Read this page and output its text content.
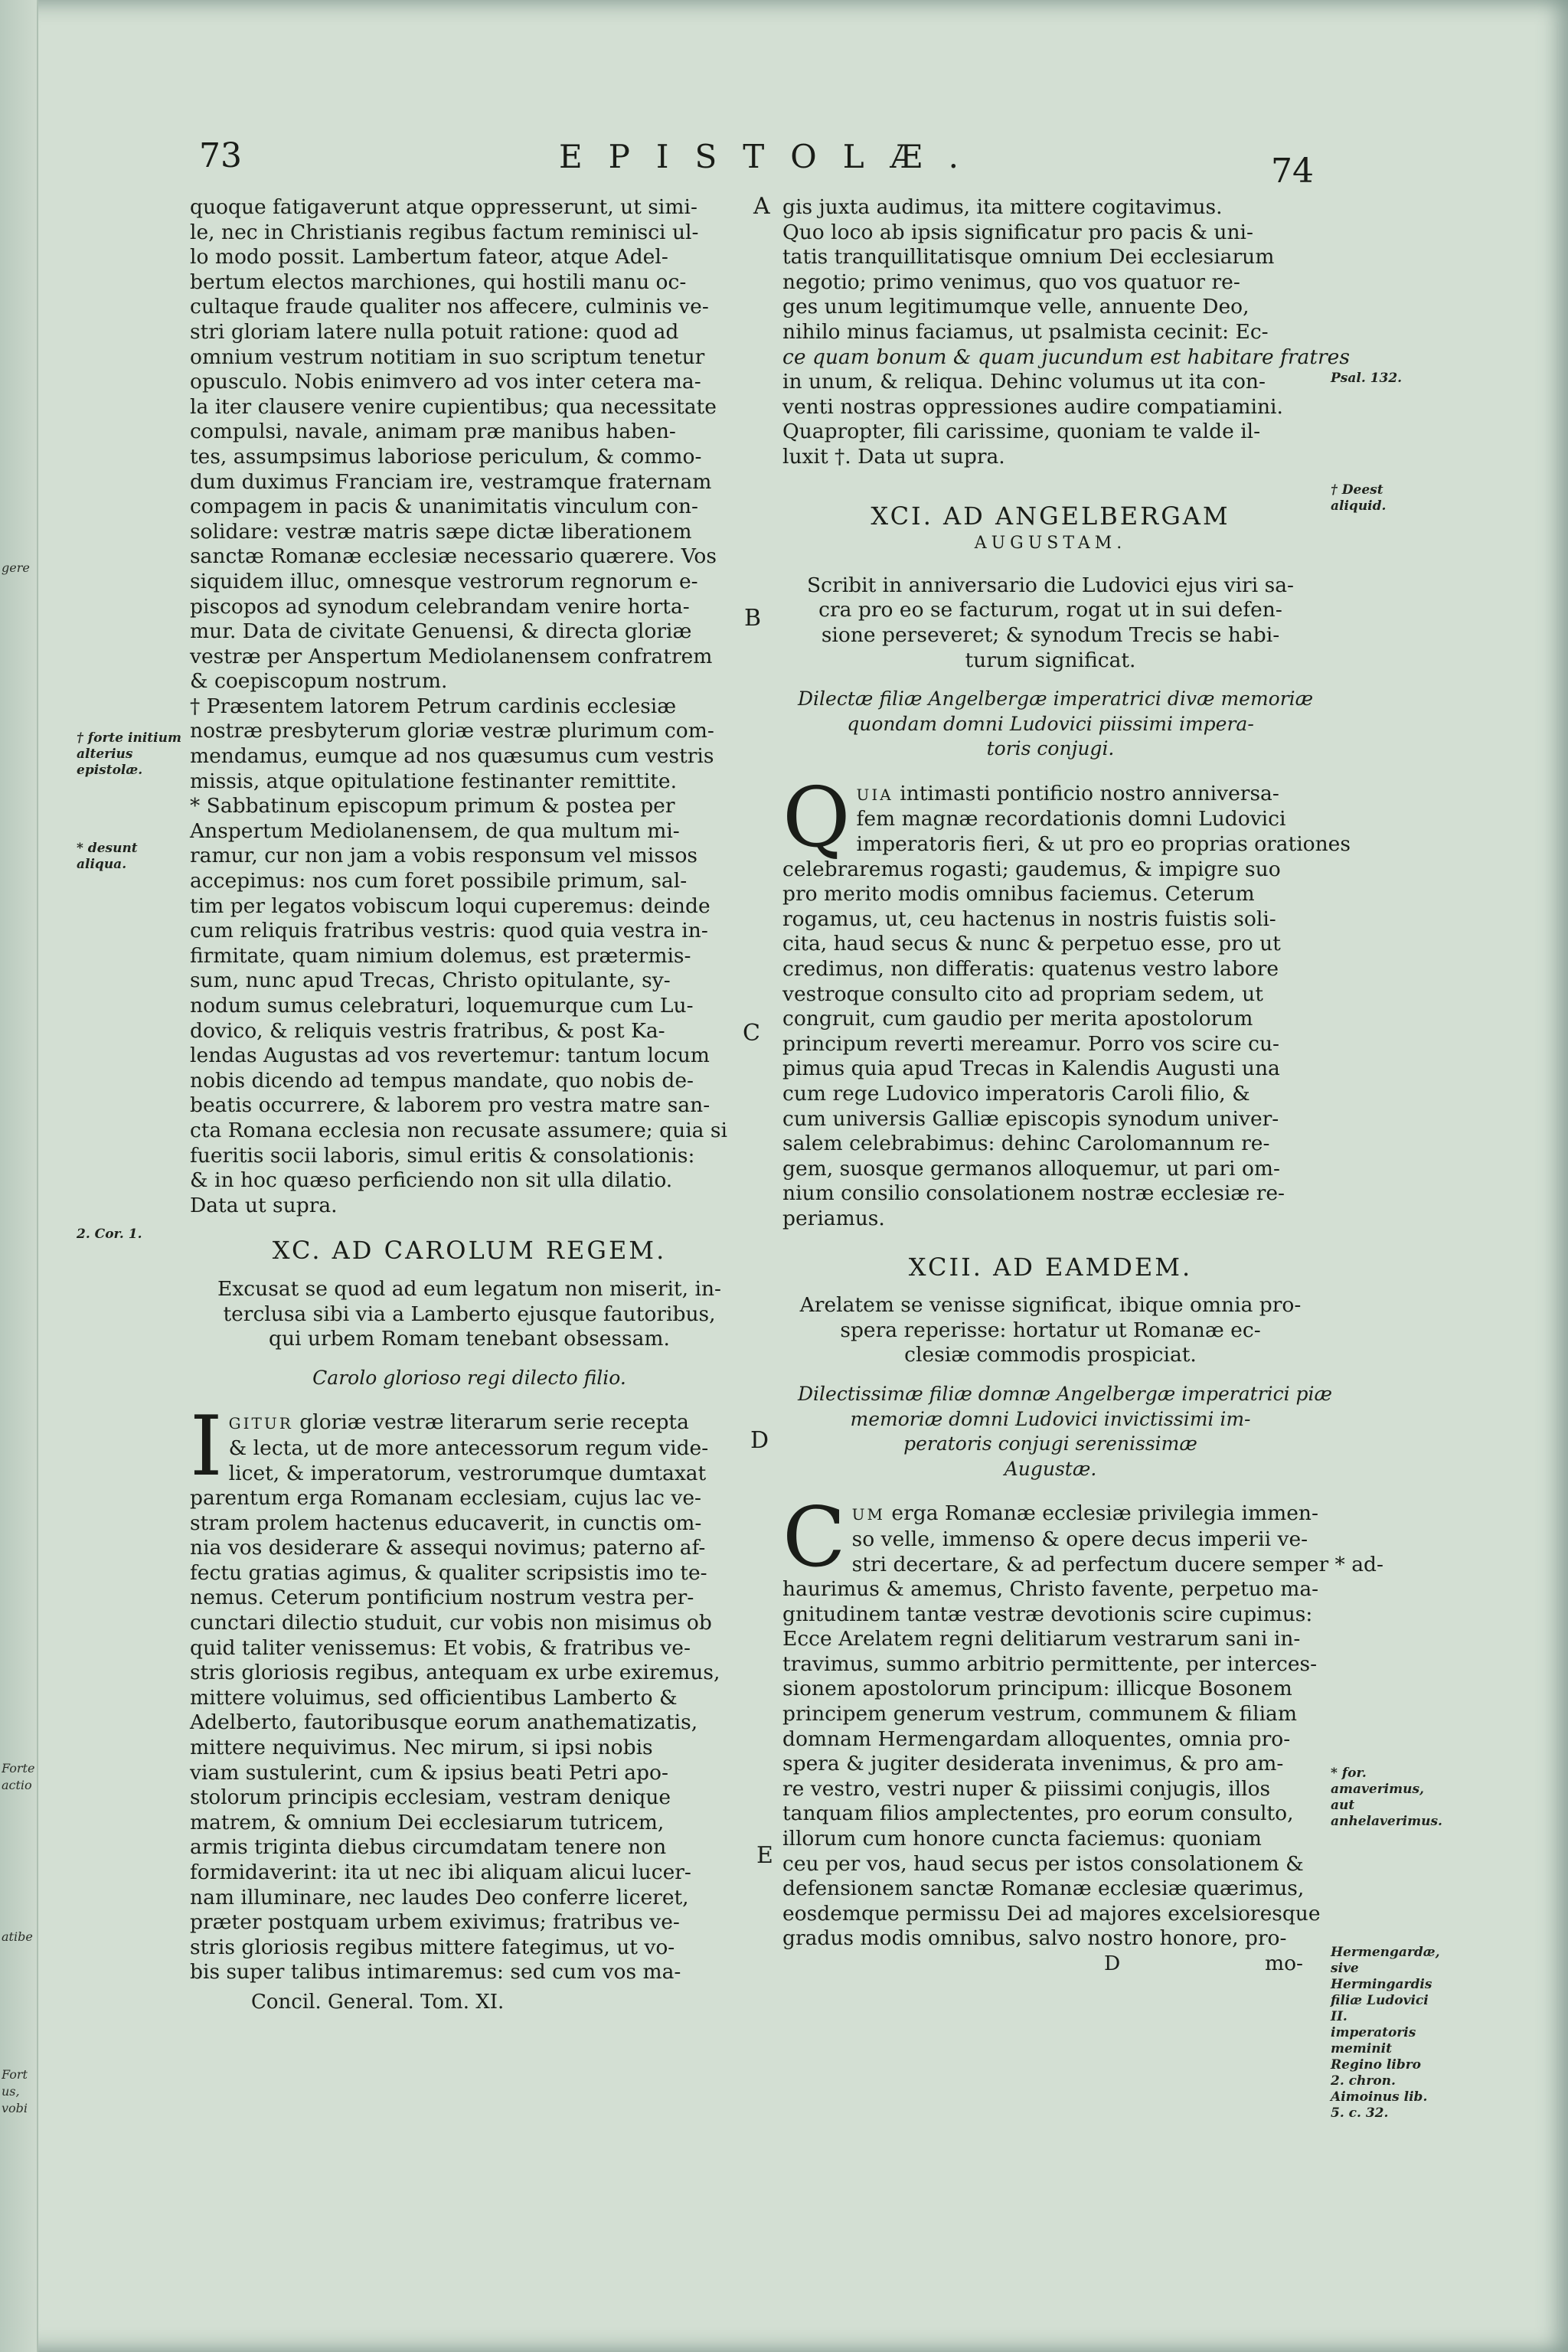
gere
Forte
actio
atibe
Fort
us,
vobi
73	EPISTOLÆ.	74
quoque fatigaverunt atque oppresserunt, ut simi-
le, nec in Christianis regibus factum reminisci ul-
lo modo possit. Lambertum fateor, atque Adel-
bertum electos marchiones, qui hostili manu oc-
cultaque fraude qualiter nos affecere, culminis ve-
stri gloriam latere nulla potuit ratione: quod ad
omnium vestrum notitiam in suo scriptum tenetur
opusculo. Nobis enimvero ad vos inter cetera ma-
la iter clausere venire cupientibus; qua necessitate
compulsi, navale, animam præ manibus haben-
tes, assumpsimus laboriose periculum, & commo-
dum duximus Franciam ire, vestramque fraternam
compagem in pacis & unanimitatis vinculum con-
solidare: vestræ matris sæpe dictæ liberationem
sanctæ Romanæ ecclesiæ necessario quærere. Vos
siquidem illuc, omnesque vestrorum regnorum e-
piscopos ad synodum celebrandam venire horta-
mur. Data de civitate Genuensi, & directa gloriæ
vestræ per Anspertum Mediolanensem confratrem
& coepiscopum nostrum.
† Præsentem latorem Petrum cardinis ecclesiæ
nostræ presbyterum gloriæ vestræ plurimum com-
mendamus, eumque ad nos quæsumus cum vestris
missis, atque opitulatione festinanter remittite.
* Sabbatinum episcopum primum & postea per
Anspertum Mediolanensem, de qua multum mi-
ramur, cur non jam a vobis responsum vel missos
accepimus: nos cum foret possibile primum, sal-
tim per legatos vobiscum loqui cuperemus: deinde
cum reliquis fratribus vestris: quod quia vestra in-
firmitate, quam nimium dolemus, est prætermis-
sum, nunc apud Trecas, Christo opitulante, sy-
nodum sumus celebraturi, loquemurque cum Lu-
dovico, & reliquis vestris fratribus, & post Ka-
lendas Augustas ad vos revertemur: tantum locum
nobis dicendo ad tempus mandate, quo nobis de-
beatis occurrere, & laborem pro vestra matre san-
cta Romana ecclesia non recusate assumere; quia si
fueritis socii laboris, simul eritis & consolationis:
& in hoc quæso perficiendo non sit ulla dilatio.
Data ut supra.
XC. AD CAROLUM REGEM.
Excusat se quod ad eum legatum non miserit, in-
terclusa sibi via a Lamberto ejusque fautoribus,
qui urbem Romam tenebant obsessam.
Carolo glorioso regi dilecto filio.
I GITUR gloriæ vestræ literarum serie recepta
& lecta, ut de more antecessorum regum vide-
licet, & imperatorum, vestrorumque dumtaxat
parentum erga Romanam ecclesiam, cujus lac ve-
stram prolem hactenus educaverit, in cunctis om-
nia vos desiderare & assequi novimus; paterno af-
fectu gratias agimus, & qualiter scripsistis imo te-
nemus. Ceterum pontificium nostrum vestra per-
cunctari dilectio studuit, cur vobis non misimus ob
quid taliter venissemus: Et vobis, & fratribus ve-
stris gloriosis regibus, antequam ex urbe exiremus,
mittere voluimus, sed officientibus Lamberto &
Adelberto, fautoribusque eorum anathematizatis,
mittere nequivimus. Nec mirum, si ipsi nobis
viam sustulerint, cum & ipsius beati Petri apo-
stolorum principis ecclesiam, vestram denique
matrem, & omnium Dei ecclesiarum tutricem,
armis triginta diebus circumdatam tenere non
formidaverint: ita ut nec ibi aliquam alicui lucer-
nam illuminare, nec laudes Deo conferre liceret,
præter postquam urbem exivimus; fratribus ve-
stris gloriosis regibus mittere fategimus, ut vo-
bis super talibus intimaremus: sed cum vos ma-
Concil. General. Tom. XI.
gis juxta audimus, ita mittere cogitavimus.
Quo loco ab ipsis significatur pro pacis & uni-
tatis tranquillitatisque omnium Dei ecclesiarum
negotio; primo venimus, quo vos quatuor re-
ges unum legitimumque velle, annuente Deo,
nihilo minus faciamus, ut psalmista cecinit: Ec-
ce quam bonum & quam jucundum est habitare fratres
in unum, & reliqua. Dehinc volumus ut ita con-
venti nostras oppressiones audire compatiamini.
Quapropter, fili carissime, quoniam te valde il-
luxit †. Data ut supra.
XCI. AD ANGELBERGAM
AUGUSTAM.
Scribit in anniversario die Ludovici ejus viri sa-
cra pro eo se facturum, rogat ut in sui defen-
sione perseveret; & synodum Trecis se habi-
turum significat.
Dilectæ filiæ Angelbergæ imperatrici divæ memoriæ
quondam domni Ludovici piissimi impera-
toris conjugi.
Q UIA intimasti pontificio nostro anniversa-
fem magnæ recordationis domni Ludovici
imperatoris fieri, & ut pro eo proprias orationes
celebraremus rogasti; gaudemus, & impigre suo
pro merito modis omnibus faciemus. Ceterum
rogamus, ut, ceu hactenus in nostris fuistis soli-
cita, haud secus & nunc & perpetuo esse, pro ut
credimus, non differatis: quatenus vestro labore
vestroque consulto cito ad propriam sedem, ut
congruit, cum gaudio per merita apostolorum
principum reverti mereamur. Porro vos scire cu-
pimus quia apud Trecas in Kalendis Augusti una
cum rege Ludovico imperatoris Caroli filio, &
cum universis Galliæ episcopis synodum univer-
salem celebrabimus: dehinc Carolomannum re-
gem, suosque germanos alloquemur, ut pari om-
nium consilio consolationem nostræ ecclesiæ re-
periamus.
XCII. AD EAMDEM.
Arelatem se venisse significat, ibique omnia pro-
spera reperisse: hortatur ut Romanæ ec-
clesiæ commodis prospiciat.
Dilectissimæ filiæ domnæ Angelbergæ imperatrici piæ
memoriæ domni Ludovici invictissimi im-
peratoris conjugi serenissimæ
Augustæ.
C UM erga Romanæ ecclesiæ privilegia immen-
so velle, immenso & opere decus imperii ve-
stri decertare, & ad perfectum ducere semper * ad-
haurimus & amemus, Christo favente, perpetuo ma-
gnitudinem tantæ vestræ devotionis scire cupimus:
Ecce Arelatem regni delitiarum vestrarum sani in-
travimus, summo arbitrio permittente, per interces-
sionem apostolorum principum: illicque Bosonem
principem generum vestrum, communem & filiam
domnam Hermengardam alloquentes, omnia pro-
spera & jugiter desiderata invenimus, & pro am-
re vestro, vestri nuper & piissimi conjugis, illos
tanquam filios amplectentes, pro eorum consulto,
illorum cum honore cuncta faciemus: quoniam
ceu per vos, haud secus per istos consolationem &
defensionem sanctæ Romanæ ecclesiæ quærimus,
eosdemque permissu Dei ad majores excelsioresque
gradus modis omnibus, salvo nostro honore, pro-
D	mo-
A
B
C
D
E
† forte initium alterius epistolæ.
* desunt aliqua.
2. Cor. 1.
Psal. 132.
† Deest aliquid.
* for. amaverimus, aut anhelaverimus.
Hermengardæ, sive Hermingardis filiæ Ludovici II. imperatoris meminit Regino libro 2. chron. Aimoinus lib. 5. c. 32.
